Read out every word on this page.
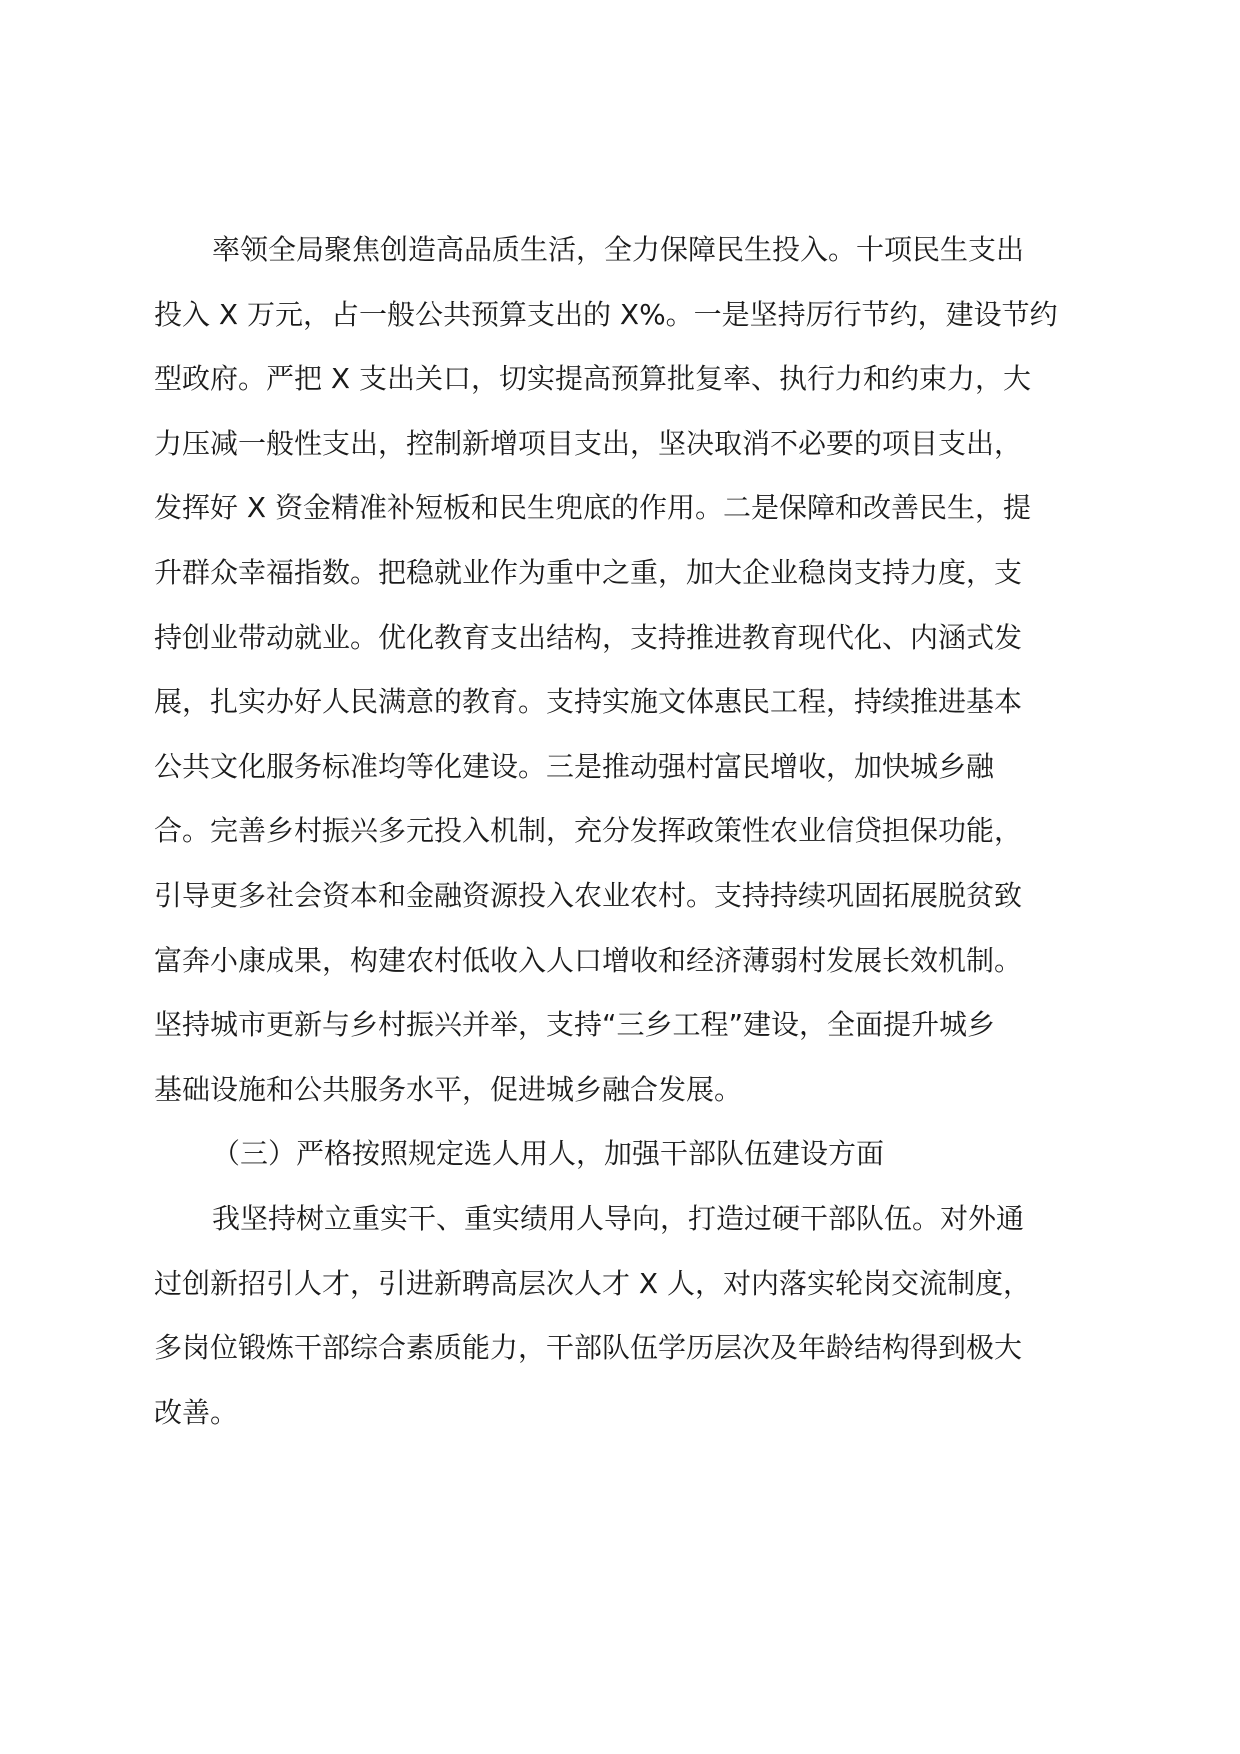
率领全局聚焦创造高品质生活，全力保障民生投入。十项民生支出
投入 X 万元，占一般公共预算支出的 X%。一是坚持厉行节约，建设节约
型政府。严把 X 支出关口，切实提高预算批复率、执行力和约束力，大
力压减一般性支出，控制新增项目支出，坚决取消不必要的项目支出，
发挥好 X 资金精准补短板和民生兜底的作用。二是保障和改善民生，提
升群众幸福指数。把稳就业作为重中之重，加大企业稳岗支持力度，支
持创业带动就业。优化教育支出结构，支持推进教育现代化、内涵式发
展，扎实办好人民满意的教育。支持实施文体惠民工程，持续推进基本
公共文化服务标准均等化建设。三是推动强村富民增收，加快城乡融
合。完善乡村振兴多元投入机制，充分发挥政策性农业信贷担保功能，
引导更多社会资本和金融资源投入农业农村。支持持续巩固拓展脱贫致
富奔小康成果，构建农村低收入人口增收和经济薄弱村发展长效机制。
坚持城市更新与乡村振兴并举，支持“三乡工程”建设，全面提升城乡
基础设施和公共服务水平，促进城乡融合发展。
（三）严格按照规定选人用人，加强干部队伍建设方面
我坚持树立重实干、重实绩用人导向，打造过硬干部队伍。对外通
过创新招引人才，引进新聘高层次人才 X 人，对内落实轮岗交流制度，
多岗位锻炼干部综合素质能力，干部队伍学历层次及年龄结构得到极大
改善。
